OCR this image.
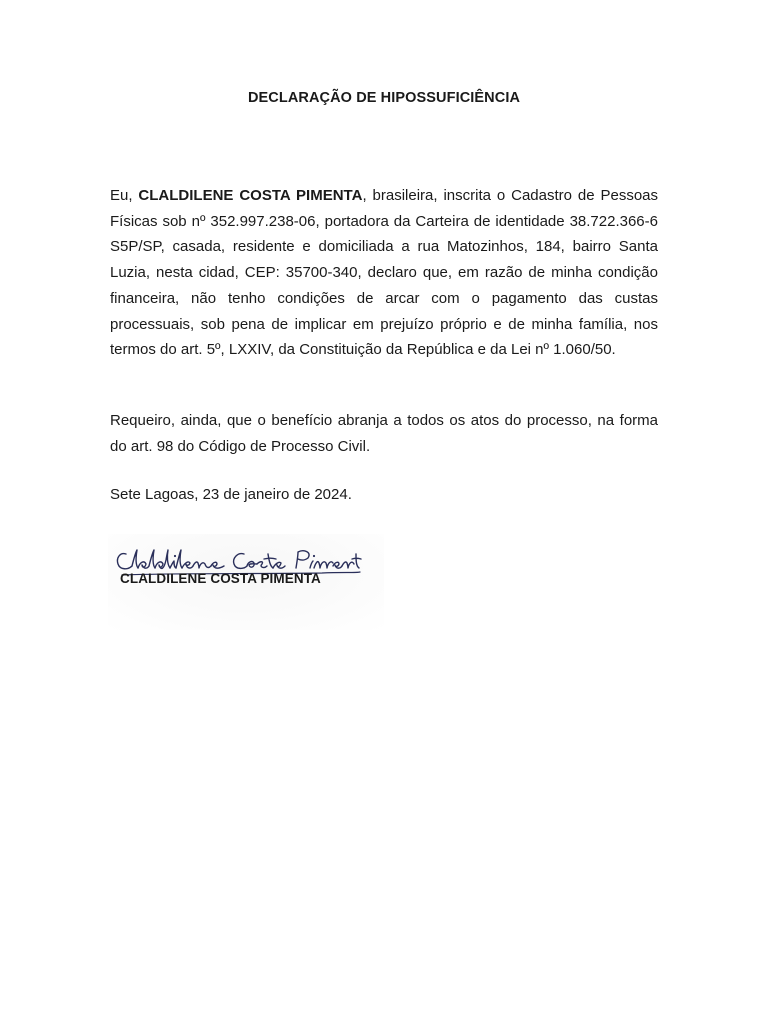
DECLARAÇÃO DE HIPOSSUFICIÊNCIA
Eu, CLALDILENE COSTA PIMENTA, brasileira, inscrita o Cadastro de Pessoas Físicas sob nº 352.997.238-06, portadora da Carteira de identidade 38.722.366-6 S5P/SP, casada, residente e domiciliada a rua Matozinhos, 184, bairro Santa Luzia, nesta cidad, CEP: 35700-340, declaro que, em razão de minha condição financeira, não tenho condições de arcar com o pagamento das custas processuais, sob pena de implicar em prejuízo próprio e de minha família, nos termos do art. 5º, LXXIV, da Constituição da República e da Lei nº 1.060/50.
Requeiro, ainda, que o benefício abranja a todos os atos do processo, na forma do art. 98 do Código de Processo Civil.
Sete Lagoas, 23 de janeiro de 2024.
CLALDILENE COSTA PIMENTA
